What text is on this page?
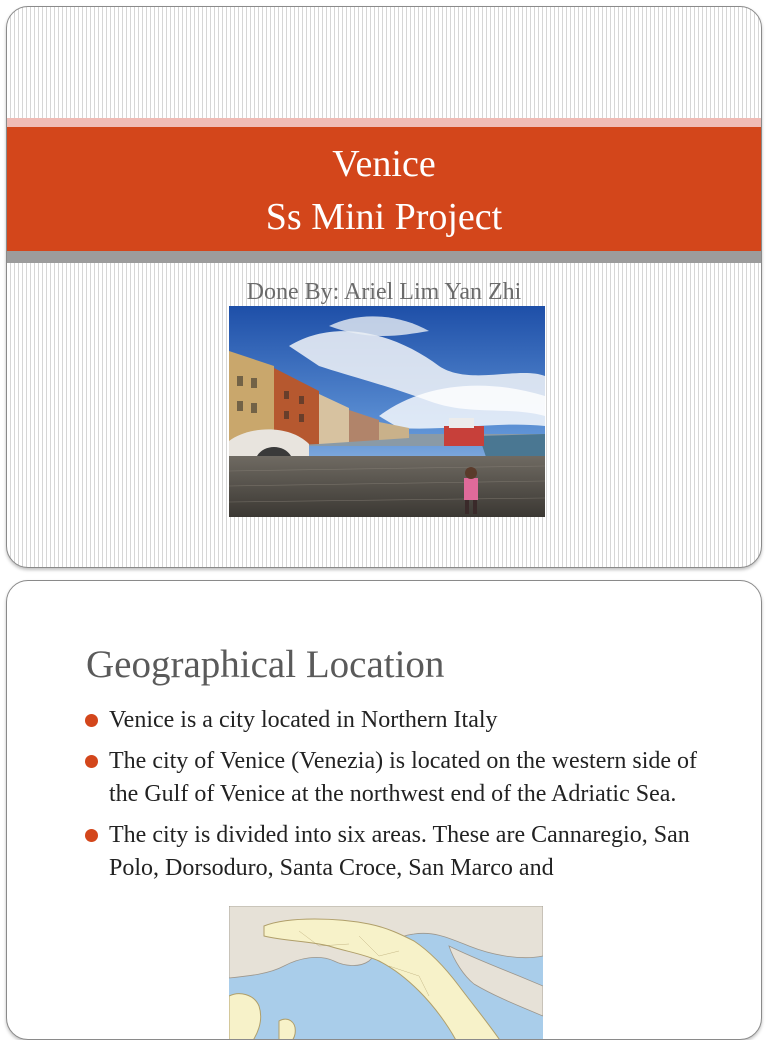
Venice
Ss Mini Project
Done By: Ariel Lim Yan Zhi
Geographical Location
Venice is a city located in Northern Italy
The city of Venice (Venezia) is located on the western side of the Gulf of Venice at the northwest end of the Adriatic Sea.
The city is divided into six areas. These are Cannaregio, San Polo, Dorsoduro, Santa Croce, San Marco and
